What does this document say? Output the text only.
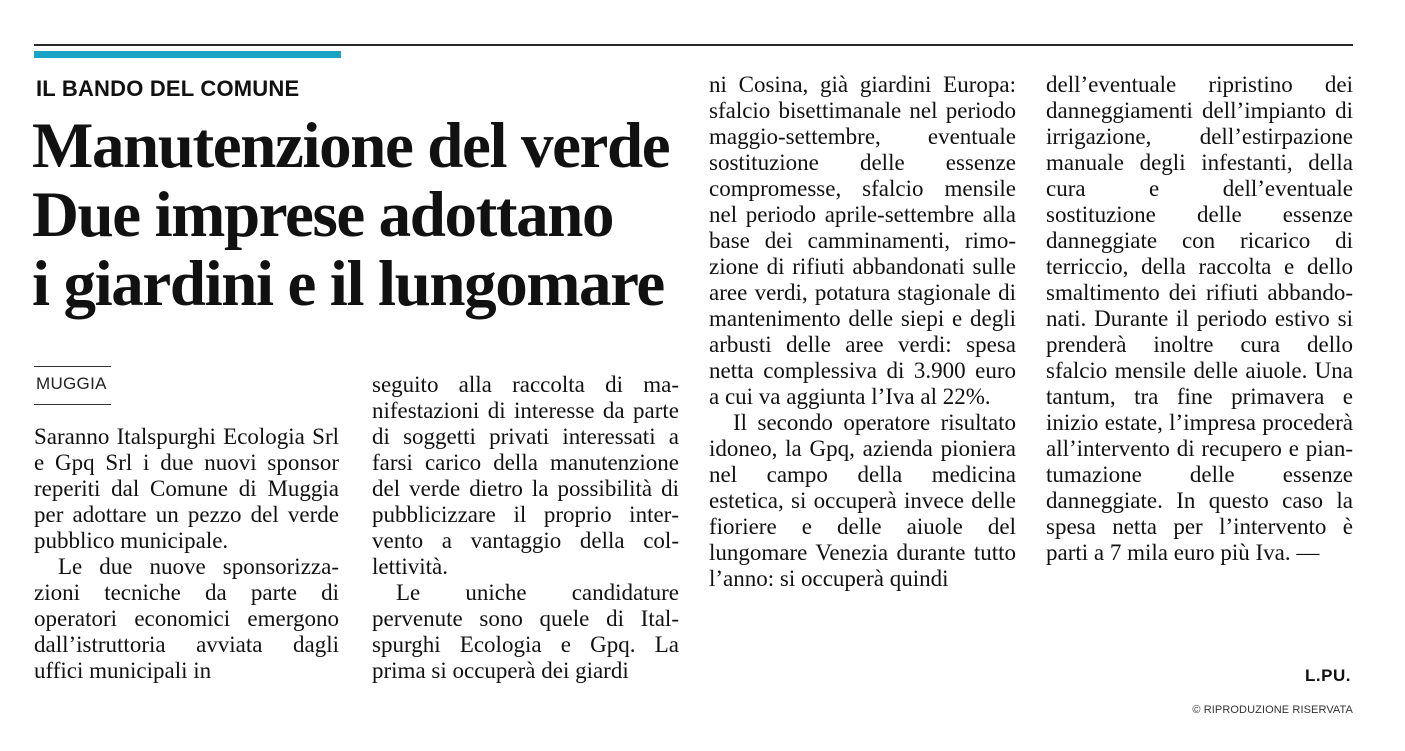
IL BANDO DEL COMUNE
Manutenzione del verde
Due imprese adottano
i giardini e il lungomare

MUGGIA

Saranno Italspurghi Ecologia Srl e Gpq Srl i due nuovi sponsor reperiti dal Comune di Muggia per adottare un pezzo del verde pubblico municipale.

Le due nuove sponsorizzazioni tecniche da parte di operatori economici emergono dall’istruttoria avviata dagli uffici municipali in

seguito alla raccolta di manifestazioni di interesse da parte di soggetti privati interessati a farsi carico della manutenzione del verde dietro la possibilità di pubblicizzare il proprio intervento a vantaggio della collettività.

Le uniche candidature pervenute sono quele di Italspurghi Ecologia e Gpq. La prima si occuperà dei giardi

ni Cosina, già giardini Europa: sfalcio bisettimanale nel periodo maggio-settembre, eventuale sostituzione delle essenze compromesse, sfalcio mensile nel periodo aprile-settembre alla base dei camminamenti, rimozione di rifiuti abbandonati sulle aree verdi, potatura stagionale di mantenimento delle siepi e degli arbusti delle aree verdi: spesa netta complessiva di 3.900 euro a cui va aggiunta l’Iva al 22%.

Il secondo operatore risultato idoneo, la Gpq, azienda pioniera nel campo della medicina estetica, si occuperà invece delle fioriere e delle aiuole del lungomare Venezia durante tutto l’anno: si occuperà quindi

dell’eventuale ripristino dei danneggiamenti dell’impianto di irrigazione, dell’estirpazione manuale degli infestanti, della cura e dell’eventuale sostituzione delle essenze danneggiate con ricarico di terriccio, della raccolta e dello smaltimento dei rifiuti abbandonati. Durante il periodo estivo si prenderà inoltre cura dello sfalcio mensile delle aiuole. Una tantum, tra fine primavera e inizio estate, l’impresa procederà all’intervento di recupero e piantumazione delle essenze danneggiate. In questo caso la spesa netta per l’intervento è parti a 7 mila euro più Iva. —

L.PU.

© RIPRODUZIONE RISERVATA
